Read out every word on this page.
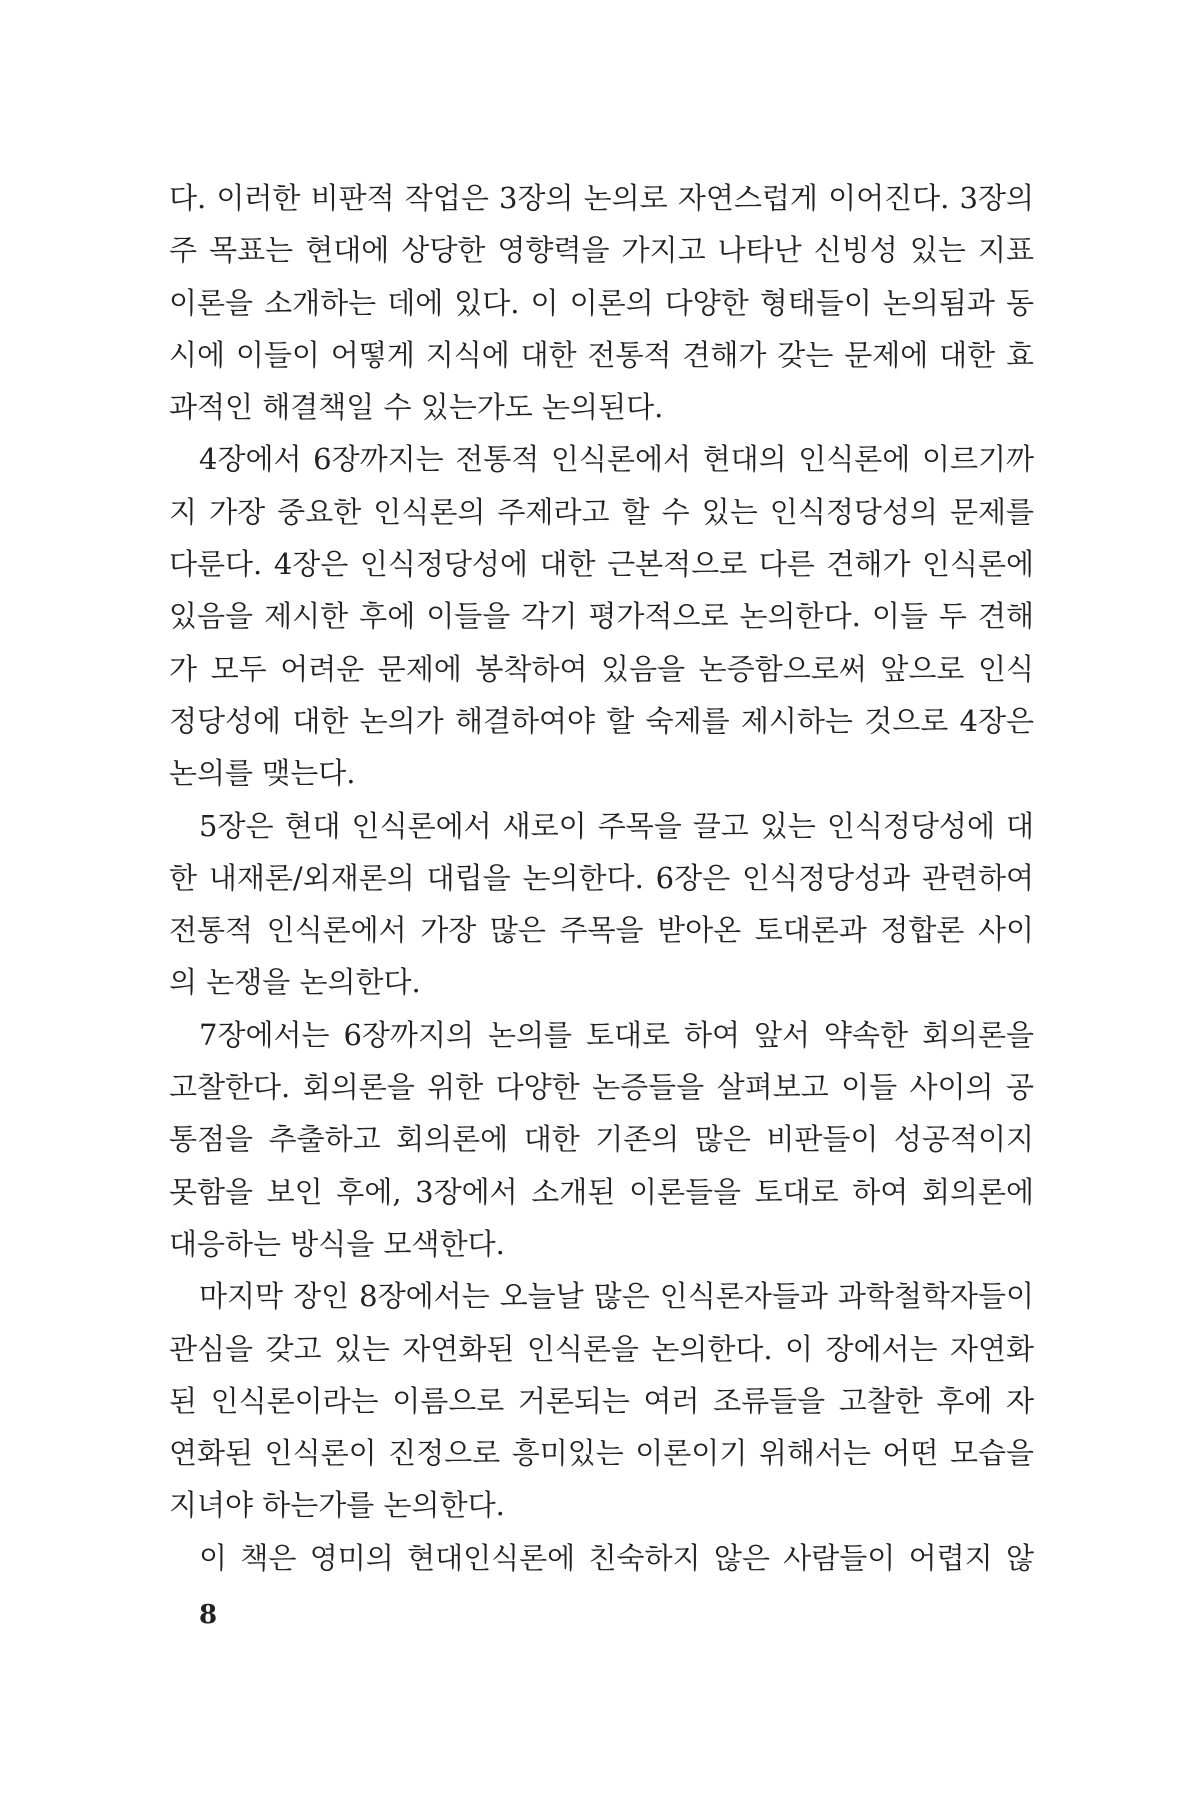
다. 이러한 비판적 작업은 3장의 논의로 자연스럽게 이어진다. 3장의
주 목표는 현대에 상당한 영향력을 가지고 나타난 신빙성 있는 지표
이론을 소개하는 데에 있다. 이 이론의 다양한 형태들이 논의됨과 동
시에 이들이 어떻게 지식에 대한 전통적 견해가 갖는 문제에 대한 효
과적인 해결책일 수 있는가도 논의된다.
4장에서 6장까지는 전통적 인식론에서 현대의 인식론에 이르기까
지 가장 중요한 인식론의 주제라고 할 수 있는 인식정당성의 문제를
다룬다. 4장은 인식정당성에 대한 근본적으로 다른 견해가 인식론에
있음을 제시한 후에 이들을 각기 평가적으로 논의한다. 이들 두 견해
가 모두 어려운 문제에 봉착하여 있음을 논증함으로써 앞으로 인식
정당성에 대한 논의가 해결하여야 할 숙제를 제시하는 것으로 4장은
논의를 맺는다.
5장은 현대 인식론에서 새로이 주목을 끌고 있는 인식정당성에 대
한 내재론/외재론의 대립을 논의한다. 6장은 인식정당성과 관련하여
전통적 인식론에서 가장 많은 주목을 받아온 토대론과 정합론 사이
의 논쟁을 논의한다.
7장에서는 6장까지의 논의를 토대로 하여 앞서 약속한 회의론을
고찰한다. 회의론을 위한 다양한 논증들을 살펴보고 이들 사이의 공
통점을 추출하고 회의론에 대한 기존의 많은 비판들이 성공적이지
못함을 보인 후에, 3장에서 소개된 이론들을 토대로 하여 회의론에
대응하는 방식을 모색한다.
마지막 장인 8장에서는 오늘날 많은 인식론자들과 과학철학자들이
관심을 갖고 있는 자연화된 인식론을 논의한다. 이 장에서는 자연화
된 인식론이라는 이름으로 거론되는 여러 조류들을 고찰한 후에 자
연화된 인식론이 진정으로 흥미있는 이론이기 위해서는 어떤 모습을
지녀야 하는가를 논의한다.
이 책은 영미의 현대인식론에 친숙하지 않은 사람들이 어렵지 않
8
